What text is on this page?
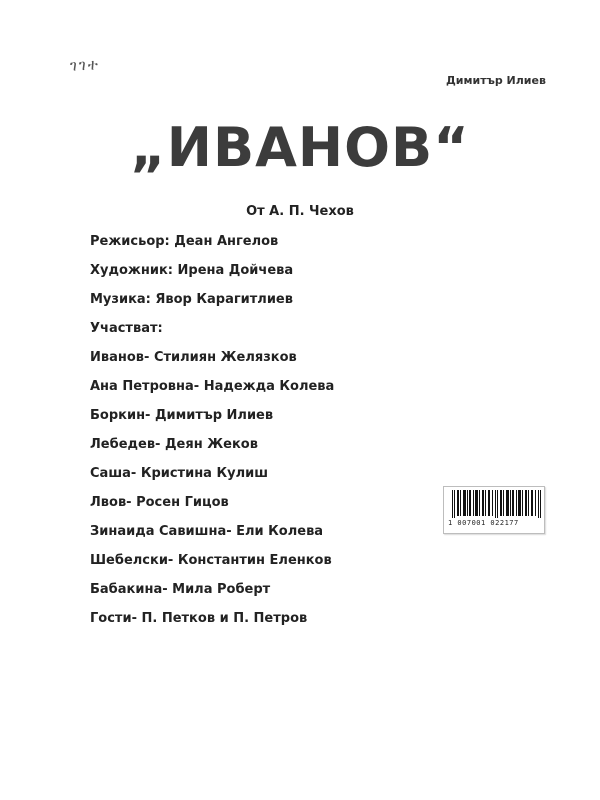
ገገተ
Димитър Илиев
„ИВАНОВ“
От А. П. Чехов
Режисьор: Деан Ангелов
Художник: Ирена Дойчева
Музика: Явор Карагитлиев
Участват:
Иванов- Стилиян Желязков
Ана Петровна- Надежда Колева
Боркин- Димитър Илиев
Лебедев- Деян Жеков
Саша- Кристина Кулиш
Лвов- Росен Гицов
Зинаида Савишна- Ели Колева
Шебелски- Константин Еленков
Бабакина- Мила Роберт
Гости- П. Петков и П. Петров
1 007001 022177
